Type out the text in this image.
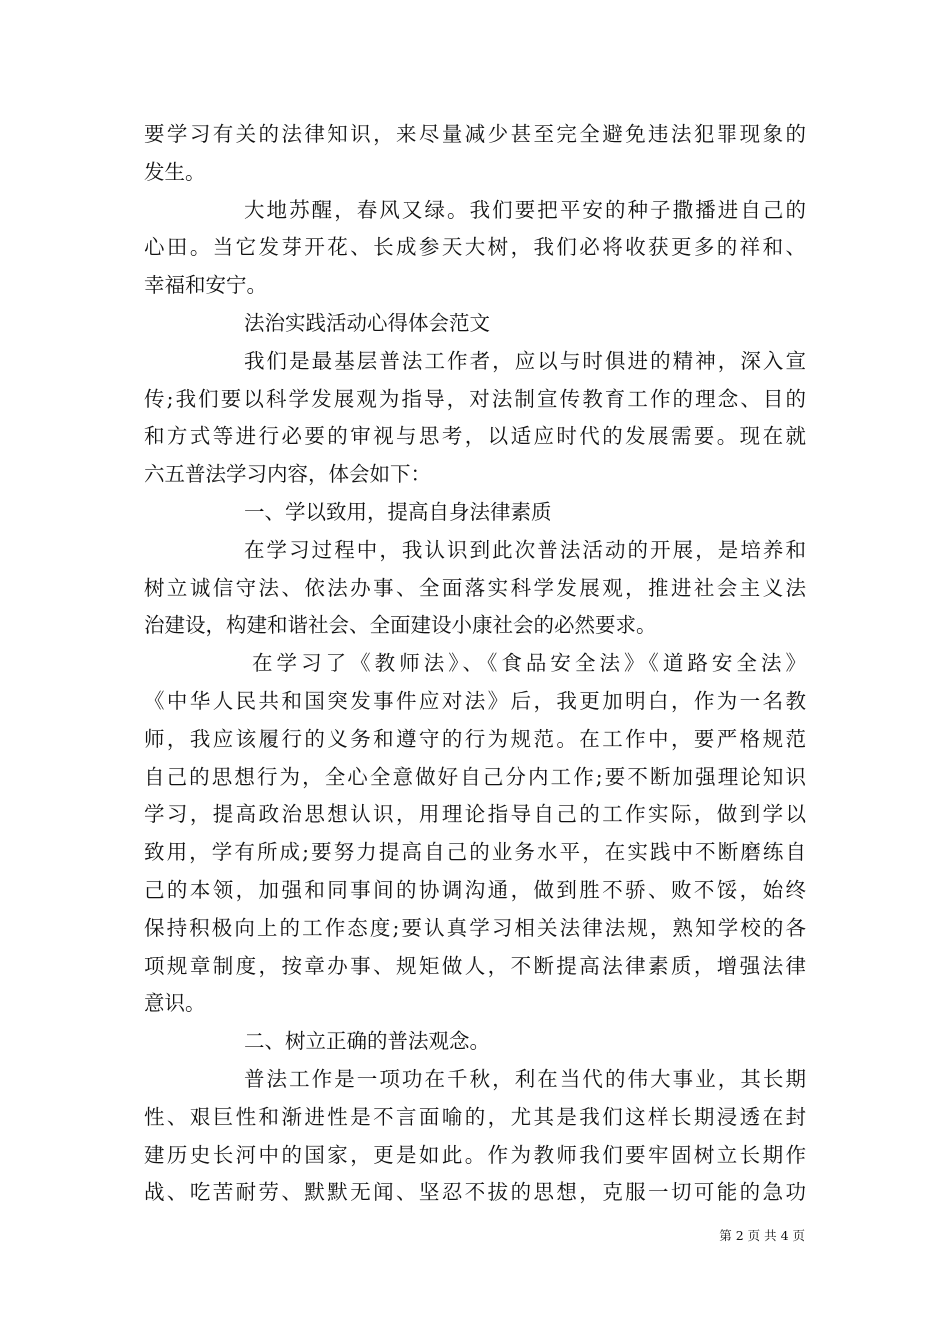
要学习有关的法律知识，来尽量减少甚至完全避免违法犯罪现象的
发生。
大地苏醒，春风又绿。我们要把平安的种子撒播进自己的
心田。当它发芽开花、长成参天大树，我们必将收获更多的祥和、
幸福和安宁。
法治实践活动心得体会范文
我们是最基层普法工作者，应以与时俱进的精神，深入宣
传;我们要以科学发展观为指导，对法制宣传教育工作的理念、目的
和方式等进行必要的审视与思考，以适应时代的发展需要。现在就
六五普法学习内容，体会如下：
一、学以致用，提高自身法律素质
在学习过程中，我认识到此次普法活动的开展，是培养和
树立诚信守法、依法办事、全面落实科学发展观，推进社会主义法
治建设，构建和谐社会、全面建设小康社会的必然要求。
在学习了《教师法》、《食品安全法》《道路安全法》
《中华人民共和国突发事件应对法》后，我更加明白，作为一名教
师，我应该履行的义务和遵守的行为规范。在工作中，要严格规范
自己的思想行为，全心全意做好自己分内工作;要不断加强理论知识
学习，提高政治思想认识，用理论指导自己的工作实际，做到学以
致用，学有所成;要努力提高自己的业务水平，在实践中不断磨练自
己的本领，加强和同事间的协调沟通，做到胜不骄、败不馁，始终
保持积极向上的工作态度;要认真学习相关法律法规，熟知学校的各
项规章制度，按章办事、规矩做人，不断提高法律素质，增强法律
意识。
二、树立正确的普法观念。
普法工作是一项功在千秋，利在当代的伟大事业，其长期
性、艰巨性和渐进性是不言面喻的，尤其是我们这样长期浸透在封
建历史长河中的国家，更是如此。作为教师我们要牢固树立长期作
战、吃苦耐劳、默默无闻、坚忍不拔的思想，克服一切可能的急功
第 2 页 共 4 页
